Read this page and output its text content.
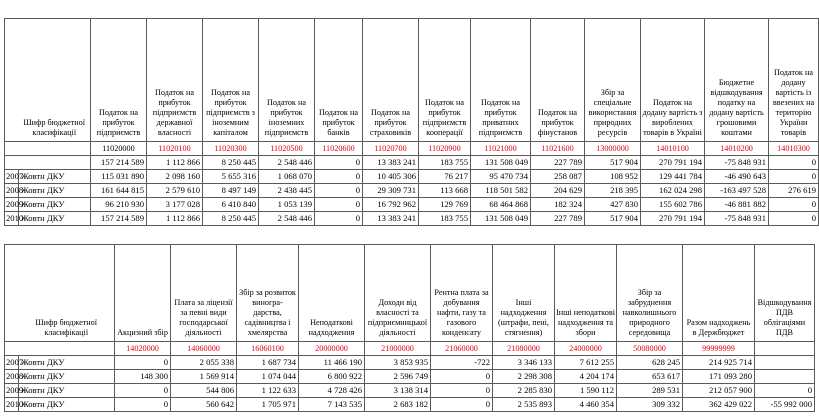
	Шифр бюджетної класифікації	Податок на прибуток підприємств	Податок на прибуток підприємств державної власності	Податок на прибуток підприємств з іноземним капіталом	Податок на прибуток іноземних підприємств	Податок на прибуток банків	Податок на прибуток страховиків	Податок на прибуток підприємств кооперації	Податок на прибуток приватних підприємств	Податок на прибуток фінустанов	Збір за спеціальне використання природних ресурсів	Податок на додану вартість з вироблених товарів в Україні	Бюджетне відшкодування податку на додану вартість грошовими коштами	Податок на додану вартість із ввезених на територію України товарів
		11020000	11020100	11020300	11020500	11020600	11020700	11020900	11021000	11021600	13000000	14010100	14010200	14010300
		157 214 589	1 112 866	8 250 445	2 548 446	0	13 383 241	183 755	131 508 049	227 789	517 904	270 791 194	-75 848 931	0
2007	Жовтн ДКУ	115 031 890	2 098 160	5 655 316	1 068 070	0	10 405 306	76 217	95 470 734	258 087	108 952	129 441 784	-46 490 643	0
2008	Жовтн ДКУ	161 644 815	2 579 610	8 497 149	2 438 445	0	29 309 731	113 668	118 501 582	204 629	218 395	162 024 298	-163 497 528	276 619
2009	Жовтн ДКУ	96 210 930	3 177 028	6 410 840	1 053 139	0	16 792 962	129 769	68 464 868	182 324	427 830	155 602 786	-46 881 882	0
2010	Жовтн ДКУ	157 214 589	1 112 866	8 250 445	2 548 446	0	13 383 241	183 755	131 508 049	227 789	517 904	270 791 194	-75 848 931	0
	Шифр бюджетної класифікації	Акцизний збір	Плата за ліцензії за певні види господарської діяльності	Збір за розвиток виногра-дарства, садівництва і хмелярства	Неподаткові надходження	Доходи від власності та підприємницької діяльності	Рентна плата за добування нафти, газу та газового конденсату	Інші надходження (штрафи, пені, стягнення)	Інші неподаткові надходження та збори	Збір за забруднення навколишнього природного середовища	Разом надходжень в Держбюджет	Відшкодування ПДВ облігаціями ПДВ
		14020000	14060000	16060100	20000000	21000000	21060000	21080000	24000000	50080000	99999999	
2007	Жовтн ДКУ	0	2 055 338	1 687 734	11 466 190	3 853 935	-722	3 346 133	7 612 255	628 245	214 925 714	
2008	Жовтн ДКУ	148 300	1 569 914	1 074 044	6 800 922	2 596 749	0	2 298 308	4 204 174	653 617	171 093 280	
2009	Жовтн ДКУ	0	544 806	1 122 633	4 728 426	3 138 314	0	2 285 830	1 590 112	289 531	212 057 900	0
2010	Жовтн ДКУ	0	560 642	1 705 971	7 143 535	2 683 182	0	2 535 893	4 460 354	309 332	362 429 022	-55 992 000
